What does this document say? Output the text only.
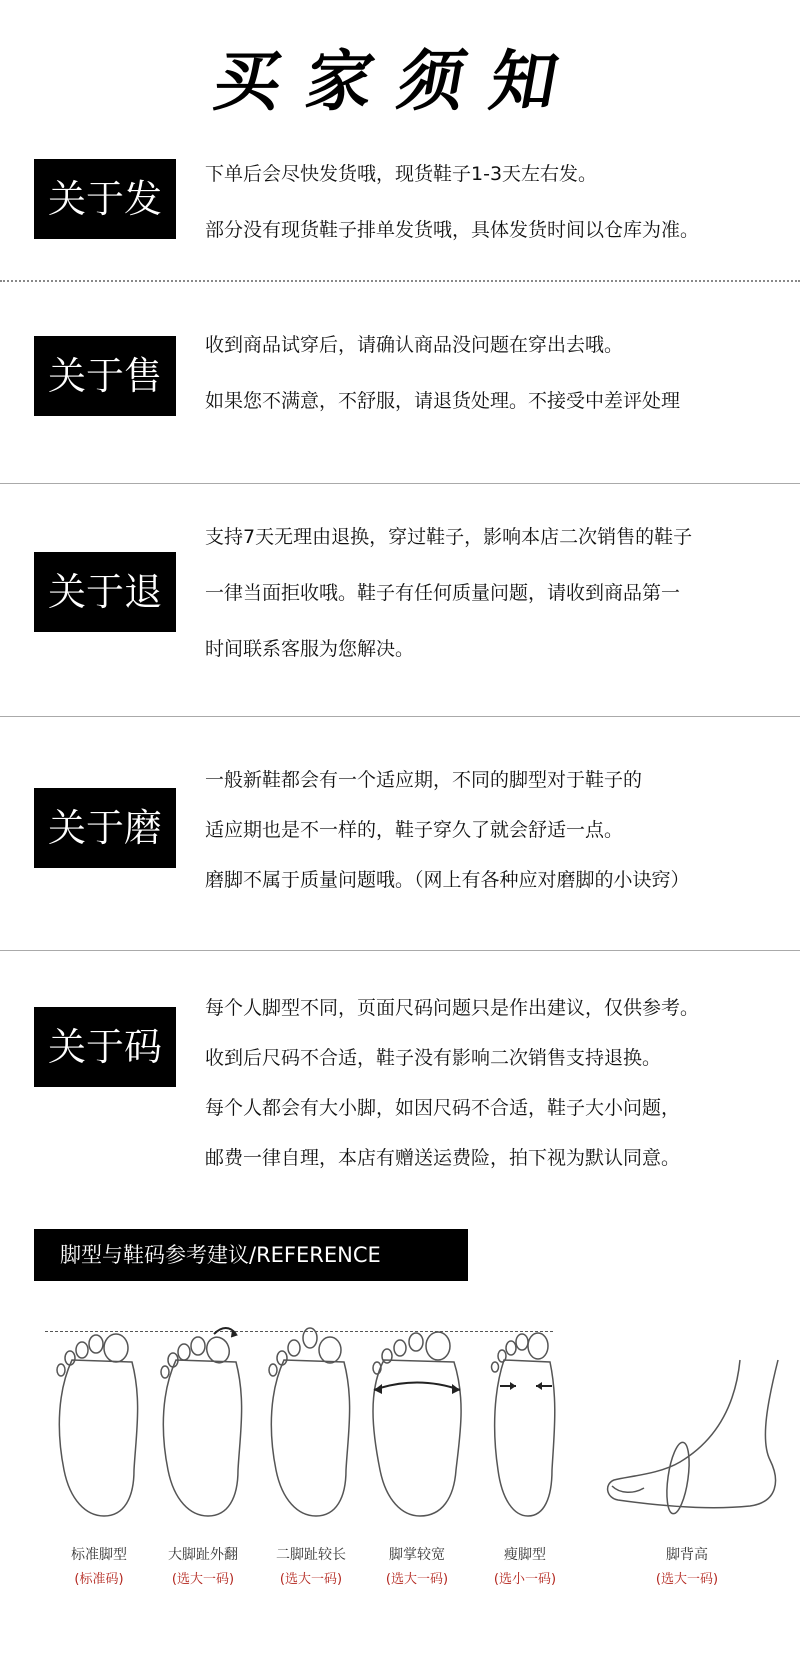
买家须知
关于发货
下单后会尽快发货哦，现货鞋子1-3天左右发。
部分没有现货鞋子排单发货哦，具体发货时间以仓库为准。
关于售后
收到商品试穿后，请确认商品没问题在穿出去哦。
如果您不满意，不舒服，请退货处理。不接受中差评处理
关于退换
支持7天无理由退换，穿过鞋子，影响本店二次销售的鞋子
一律当面拒收哦。鞋子有任何质量问题，请收到商品第一
时间联系客服为您解决。
关于磨脚
一般新鞋都会有一个适应期，不同的脚型对于鞋子的
适应期也是不一样的，鞋子穿久了就会舒适一点。
磨脚不属于质量问题哦。（网上有各种应对磨脚的小诀窍）
关于码数
每个人脚型不同，页面尺码问题只是作出建议，仅供参考。
收到后尺码不合适，鞋子没有影响二次销售支持退换。
每个人都会有大小脚，如因尺码不合适，鞋子大小问题，
邮费一律自理，本店有赠送运费险，拍下视为默认同意。
脚型与鞋码参考建议/REFERENCE
标准脚型
(标准码)
大脚趾外翻
(选大一码)
二脚趾较长
(选大一码)
脚掌较宽
(选大一码)
瘦脚型
(选小一码)
脚背高
(选大一码)
